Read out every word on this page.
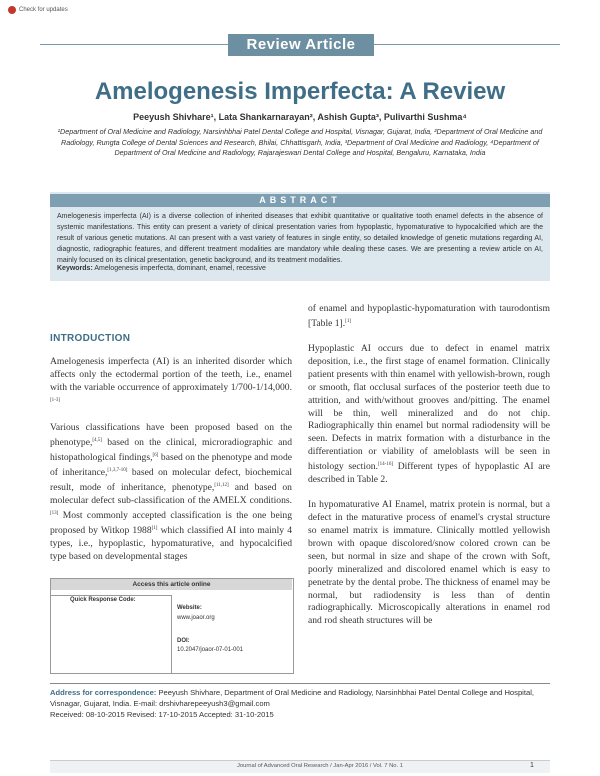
Check for updates
Review Article
Amelogenesis Imperfecta: A Review
Peeyush Shivhare¹, Lata Shankarnarayan², Ashish Gupta³, Pulivarthi Sushma⁴
¹Department of Oral Medicine and Radiology, Narsinhbhai Patel Dental College and Hospital, Visnagar, Gujarat, India, ²Department of Oral Medicine and Radiology, Rungta College of Dental Sciences and Research, Bhilai, Chhattisgarh, India, ³Department of Oral Medicine and Radiology, ⁴Department of Department of Oral Medicine and Radiology, Rajarajeswari Dental College and Hospital, Bengaluru, Karnataka, India
ABSTRACT
Amelogenesis imperfecta (AI) is a diverse collection of inherited diseases that exhibit quantitative or qualitative tooth enamel defects in the absence of systemic manifestations. This entity can present a variety of clinical presentation varies from hypoplastic, hypomaturative to hypocalcified which are the result of various genetic mutations. AI can present with a vast variety of features in single entity, so detailed knowledge of genetic mutations regarding AI, diagnostic, radiographic features, and different treatment modalities are mandatory while dealing these cases. We are presenting a review article on AI, mainly focused on its clinical presentation, genetic background, and its treatment modalities.
Keywords: Amelogenesis imperfecta, dominant, enamel, recessive
INTRODUCTION

Amelogenesis imperfecta (AI) is an inherited disorder which affects only the ectodermal portion of the teeth, i.e., enamel with the variable occurrence of approximately 1/700-1/14,000.[1-3]

Various classifications have been proposed based on the phenotype,[4,5] based on the clinical, microradiographic and histopathological findings,[6] based on the phenotype and mode of inheritance,[1,3,7-10] based on molecular defect, biochemical result, mode of inheritance, phenotype,[11,12] and based on molecular defect sub-classification of the AMELX conditions.[13] Most commonly accepted classification is the one being proposed by Witkop 1988[1] which classified AI into mainly 4 types, i.e., hypoplastic, hypomaturative, and hypocalcified type based on developmental stages

of enamel and hypoplastic-hypomaturation with taurodontism [Table 1].[1]

Hypoplastic AI occurs due to defect in enamel matrix deposition, i.e., the first stage of enamel formation. Clinically patient presents with thin enamel with yellowish-brown, rough or smooth, flat occlusal surfaces of the posterior teeth due to attrition, and with/without grooves and/pitting. The enamel will be thin, well mineralized and do not chip. Radiographically thin enamel but normal radiodensity will be seen. Defects in matrix formation with a disturbance in the differentiation or viability of ameloblasts will be seen in histology section.[14-16] Different types of hypoplastic AI are described in Table 2.

In hypomaturative AI Enamel, matrix protein is normal, but a defect in the maturative process of enamel's crystal structure so enamel matrix is immature. Clinically mottled yellowish brown with opaque discolored/snow colored crown can be seen, but normal in size and shape of the crown with Soft, poorly mineralized and discolored enamel which is easy to penetrate by the dental probe. The thickness of enamel may be normal, but radiodensity is less than of dentin radiographically. Microscopically alterations in enamel rod and rod sheath structures will be

Access this article online
Quick Response Code:
Website:
www.joaor.org
DOI:
10.2047/joaor-07-01-001
Address for correspondence: Peeyush Shivhare, Department of Oral Medicine and Radiology, Narsinhbhai Patel Dental College and Hospital, Visnagar, Gujarat, India. E-mail: drshivharepeeyush3@gmail.com
Received: 08-10-2015 Revised: 17-10-2015 Accepted: 31-10-2015
Journal of Advanced Oral Research / Jan-Apr 2016 / Vol. 7 No. 1	1
